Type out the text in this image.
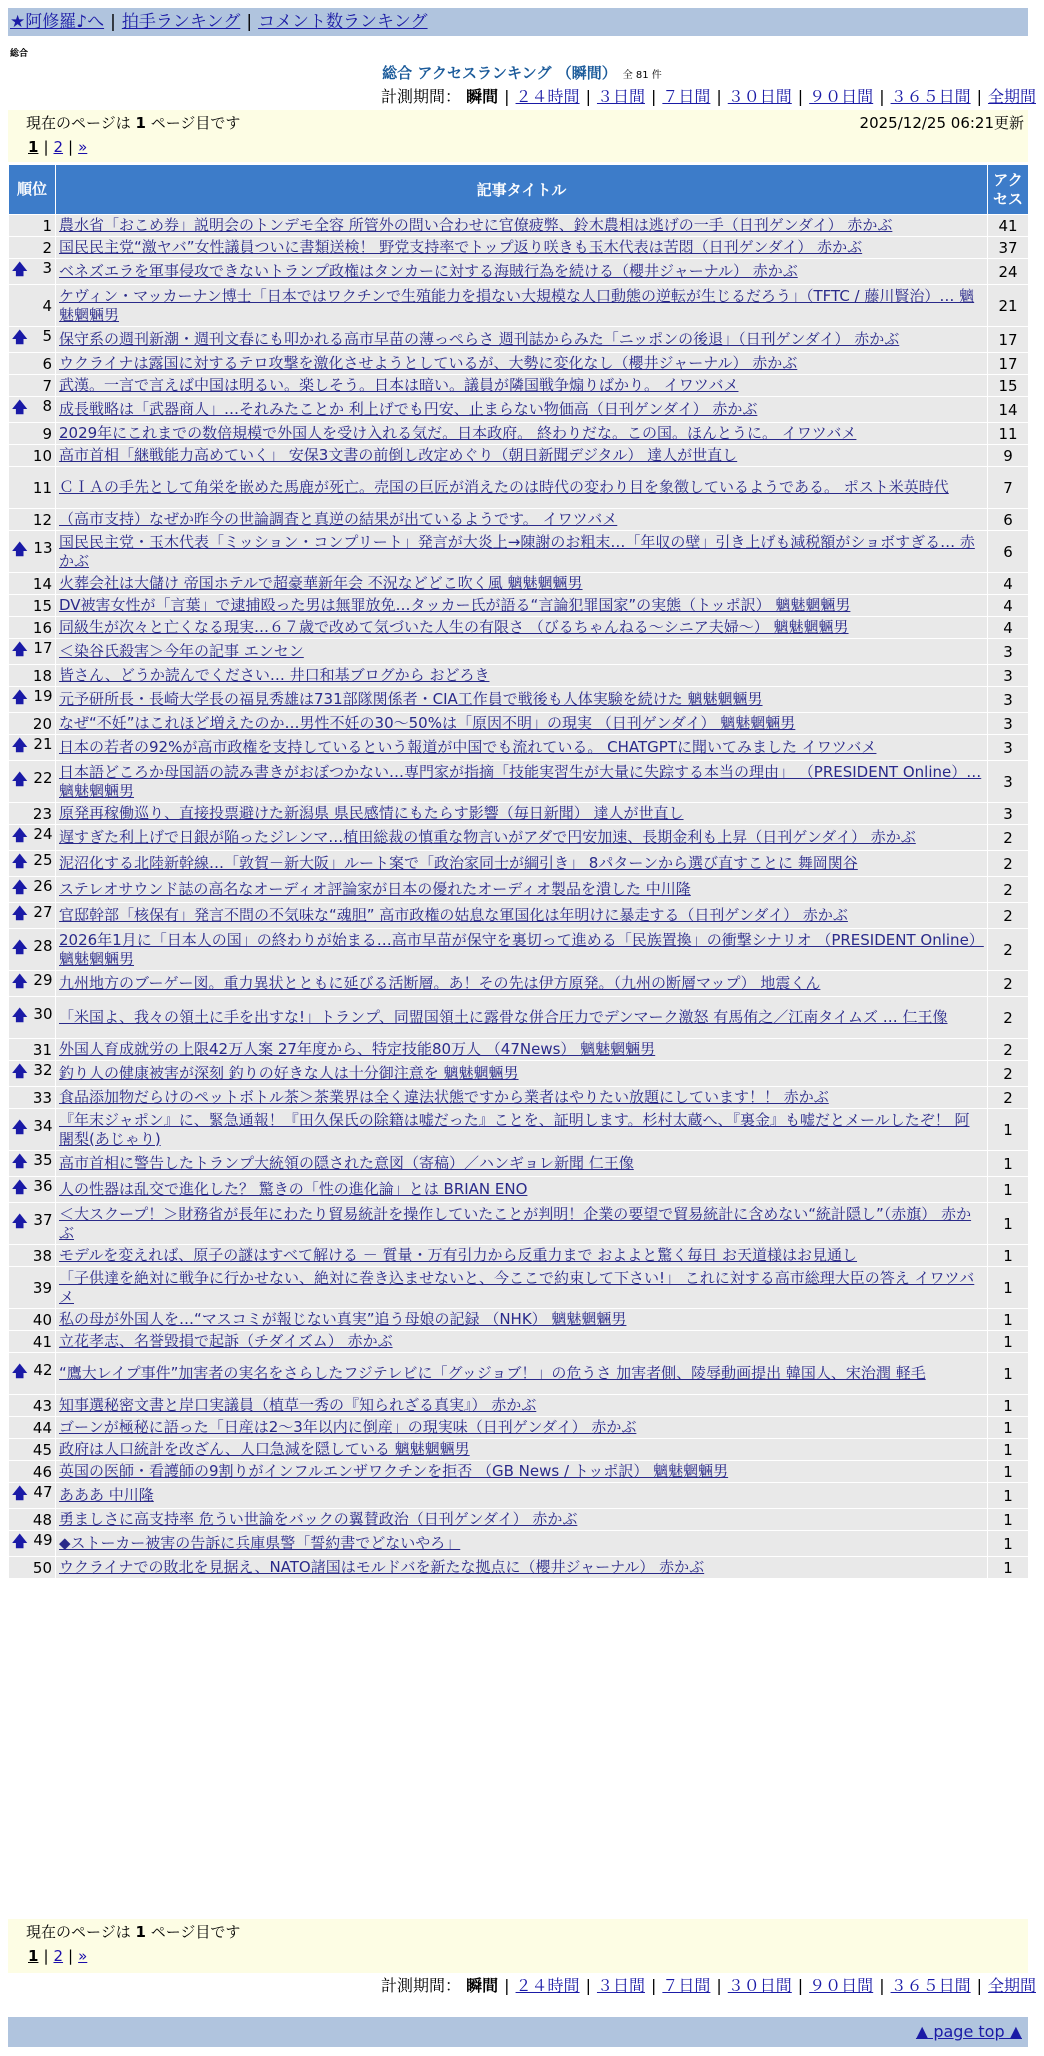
★阿修羅♪へ | 拍手ランキング | コメント数ランキング
総合
総合 アクセスランキング （瞬間） 全 81 件
計測期間： 瞬間 | ２４時間 | ３日間 | ７日間 | ３０日間 | ９０日間 | ３６５日間 | 全期間
現在のページは 1 ページ目です	2025/12/25 06:21更新
1 | 2 | »
順位	記事タイトル	アクセス
1	農水省「おこめ券」説明会のトンデモ全容 所管外の問い合わせに官僚疲弊、鈴木農相は逃げの一手（日刊ゲンダイ） 赤かぶ	41
2	国民民主党“激ヤバ”女性議員ついに書類送検！ 野党支持率でトップ返り咲きも玉木代表は苦悶（日刊ゲンダイ） 赤かぶ	37

🡅 3	ベネズエラを軍事侵攻できないトランプ政権はタンカーに対する海賊行為を続ける（櫻井ジャーナル） 赤かぶ	24
4	ケヴィン・マッカーナン博士「日本ではワクチンで生殖能力を損ない大規模な人口動態の逆転が生じるだろう」（TFTC / 藤川賢治）… 魑魅魍魎男	21

🡅 5	保守系の週刊新潮・週刊文春にも叩かれる高市早苗の薄っぺらさ 週刊誌からみた「ニッポンの後退」（日刊ゲンダイ） 赤かぶ	17
6	ウクライナは露国に対するテロ攻撃を激化させようとしているが、大勢に変化なし（櫻井ジャーナル） 赤かぶ	17
7	武漢。一言で言えば中国は明るい。楽しそう。日本は暗い。議員が隣国戦争煽りばかり。 イワツバメ	15

🡅 8	成長戦略は「武器商人」…それみたことか 利上げでも円安、止まらない物価高（日刊ゲンダイ） 赤かぶ	14
9	2029年にこれまでの数倍規模で外国人を受け入れる気だ。日本政府。 終わりだな。この国。ほんとうに。 イワツバメ	11
10	高市首相「継戦能力高めていく」 安保3文書の前倒し改定めぐり（朝日新聞デジタル） 達人が世直し	9
11	ＣＩＡの手先として角栄を嵌めた馬鹿が死亡。売国の巨匠が消えたのは時代の変わり目を象徴しているようである。 ポスト米英時代	7
12	（高市支持）なぜか昨今の世論調査と真逆の結果が出ているようです。 イワツバメ	6

🡅 13	国民民主党・玉木代表「ミッション・コンプリート」発言が大炎上→陳謝のお粗末…「年収の壁」引き上げも減税額がショボすぎる… 赤かぶ	6
14	火葬会社は大儲け 帝国ホテルで超豪華新年会 不況などどこ吹く風 魑魅魍魎男	4
15	DV被害女性が「言葉」で逮捕殴った男は無罪放免…タッカー氏が語る“言論犯罪国家”の実態（トッポ訳） 魑魅魍魎男	4
16	同級生が次々と亡くなる現実…６７歳で改めて気づいた人生の有限さ （びるちゃんねる～シニア夫婦～） 魑魅魍魎男	4

🡅 17	＜染谷氏殺害＞今年の記事 エンセン	3
18	皆さん、どうか読んでください… 井口和基ブログから おどろき	3

🡅 19	元予研所長・長崎大学長の福見秀雄は731部隊関係者・CIA工作員で戦後も人体実験を続けた 魑魅魍魎男	3
20	なぜ“不妊”はこれほど増えたのか…男性不妊の30～50%は「原因不明」の現実 （日刊ゲンダイ） 魑魅魍魎男	3

🡅 21	日本の若者の92%が高市政権を支持しているという報道が中国でも流れている。 CHATGPTに聞いてみました イワツバメ	3

🡅 22	日本語どころか母国語の読み書きがおぼつかない…専門家が指摘「技能実習生が大量に失踪する本当の理由」 （PRESIDENT Online）… 魑魅魍魎男	3
23	原発再稼働巡り、直接投票避けた新潟県 県民感情にもたらす影響（毎日新聞） 達人が世直し	3

🡅 24	遅すぎた利上げで日銀が陥ったジレンマ…植田総裁の慎重な物言いがアダで円安加速、長期金利も上昇（日刊ゲンダイ） 赤かぶ	2

🡅 25	泥沼化する北陸新幹線…「敦賀－新大阪」ルート案で「政治家同士が綱引き」 8パターンから選び直すことに 舞岡関谷	2

🡅 26	ステレオサウンド誌の高名なオーディオ評論家が日本の優れたオーディオ製品を潰した 中川隆	2

🡅 27	官邸幹部「核保有」発言不問の不気味な“魂胆” 高市政権の姑息な軍国化は年明けに暴走する（日刊ゲンダイ） 赤かぶ	2

🡅 28	2026年1月に「日本人の国」の終わりが始まる…高市早苗が保守を裏切って進める「民族置換」の衝撃シナリオ （PRESIDENT Online） 魑魅魍魎男	2

🡅 29	九州地方のブーゲー図。重力異状とともに延びる活断層。あ！その先は伊方原発。（九州の断層マップ） 地震くん	2

🡅 30	「米国よ、我々の領土に手を出すな!」トランプ、同盟国領土に露骨な併合圧力でデンマーク激怒 有馬侑之／江南タイムズ … 仁王像	2
31	外国人育成就労の上限42万人案 27年度から、特定技能80万人 （47News） 魑魅魍魎男	2

🡅 32	釣り人の健康被害が深刻 釣りの好きな人は十分御注意を 魑魅魍魎男	2
33	食品添加物だらけのペットボトル茶＞茶業界は全く違法状態ですから業者はやりたい放題にしています！！ 赤かぶ	2

🡅 34	『年末ジャポン』に、緊急通報！『田久保氏の除籍は嘘だった』ことを、証明します。杉村太蔵へ、『裏金』も嘘だとメールしたぞ！ 阿闍梨(あじゃり)	1

🡅 35	高市首相に警告したトランプ大統領の隠された意図（寄稿）／ハンギョレ新聞 仁王像	1

🡅 36	人の性器は乱交で進化した？ 驚きの「性の進化論」とは BRIAN ENO	1

🡅 37	＜大スクープ！＞財務省が長年にわたり貿易統計を操作していたことが判明！企業の要望で貿易統計に含めない“統計隠し”（赤旗） 赤かぶ	1
38	モデルを変えれば、原子の謎はすべて解ける － 質量・万有引力から反重力まで およよと驚く毎日 お天道様はお見通し	1
39	「子供達を絶対に戦争に行かせない、絶対に巻き込ませないと、今ここで約束して下さい!」 これに対する高市総理大臣の答え イワツバメ	1
40	私の母が外国人を…“マスコミが報じない真実”追う母娘の記録 （NHK） 魑魅魍魎男	1
41	立花孝志、名誉毀損で起訴（チダイズム） 赤かぶ	1

🡅 42	“鷹大レイプ事件”加害者の実名をさらしたフジテレビに「グッジョブ！」の危うさ 加害者側、陵辱動画提出 韓国人、宋治潤 軽毛	1
43	知事選秘密文書と岸口実議員（植草一秀の『知られざる真実』） 赤かぶ	1
44	ゴーンが極秘に語った「日産は2～3年以内に倒産」の現実味（日刊ゲンダイ） 赤かぶ	1
45	政府は人口統計を改ざん、人口急減を隠している 魑魅魍魎男	1
46	英国の医師・看護師の9割りがインフルエンザワクチンを拒否 （GB News / トッポ訳） 魑魅魍魎男	1

🡅 47	あああ 中川隆	1
48	勇ましさに高支持率 危うい世論をバックの翼賛政治（日刊ゲンダイ） 赤かぶ	1

🡅 49	◆ストーカー被害の告訴に兵庫県警「誓約書でどないやろ」	1
50	ウクライナでの敗北を見据え、NATO諸国はモルドバを新たな拠点に（櫻井ジャーナル） 赤かぶ	1
現在のページは 1 ページ目です
1 | 2 | »
計測期間： 瞬間 | ２４時間 | ３日間 | ７日間 | ３０日間 | ９０日間 | ３６５日間 | 全期間
▲ page top ▲
